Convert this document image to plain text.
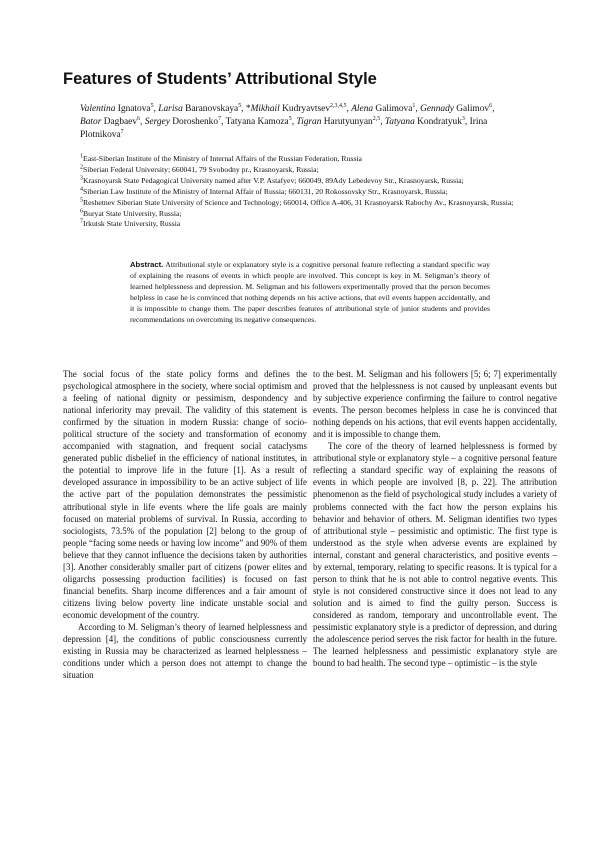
Features of Students’ Attributional Style
Valentina Ignatova$^5$, Larisa Baranovskaya$^5$, *Mikhail Kudryavtsev$^{2,3,4,5}$, Alena Galimova$^1$, Gennady Galimov$^6$,
Bator Dagbaev$^6$, Sergey Doroshenko$^7$, Tatyana Kamoza$^5$, Tigran Harutyunyan$^{2,5}$, Tatyana Kondratyuk$^3$, Irina
Plotnikova$^7$

$^1$East-Siberian Institute of the Ministry of Internal Affairs of the Russian Federation, Russia

$^2$Siberian Federal University; 660041, 79 Svobodny pr., Krasnoyarsk, Russia;

$^3$Krasnoyarsk State Pedagogical University named after V.P. Astafyev; 660049, 89Ady Lebedevoy Str., Krasnoyarsk, Russia;

$^4$Siberian Law Institute of the Ministry of Internal Affair of Russia; 660131, 20 Rokossovsky Str., Krasnoyarsk, Russia;

$^5$Reshetnev Siberian State University of Science and Technology; 660014, Office A-406, 31 Krasnoyarsk Rabochy Av., Krasnoyarsk, Russia;

$^6$Buryat State University, Russia;

$^7$Irkutsk State University, Russia

Abstract. Attributional style or explanatory style is a cognitive personal feature reflecting a standard specific way of explaining the reasons of events in which people are involved. This concept is key in M. Seligman’s theory of learned helplessness and depression. M. Seligman and his followers experimentally proved that the person becomes helpless in case he is convinced that nothing depends on his active actions, that evil events happen accidentally, and it is impossible to change them. The paper describes features of attributional style of junior students and provides recommendations on overcoming its negative consequences.

The social focus of the state policy forms and defines the psychological atmosphere in the society, where social optimism and a feeling of national dignity or pessimism, despondency and national inferiority may prevail. The validity of this statement is confirmed by the situation in modern Russia: change of socio-political structure of the society and transformation of economy accompanied with stagnation, and frequent social cataclysms generated public disbelief in the efficiency of national institutes, in the potential to improve life in the future [1]. As a result of developed assurance in impossibility to be an active subject of life the active part of the population demonstrates the pessimistic attributional style in life events where the life goals are mainly focused on material problems of survival. In Russia, according to sociologists, 73.5% of the population [2] belong to the group of people “facing some needs or having low income” and 90% of them believe that they cannot influence the decisions taken by authorities [3]. Another considerably smaller part of citizens (power elites and oligarchs possessing production facilities) is focused on fast financial benefits. Sharp income differences and a fair amount of citizens living below poverty line indicate unstable social and economic development of the country.

According to M. Seligman’s theory of learned helplessness and depression [4], the conditions of public consciousness currently existing in Russia may be characterized as learned helplessness – conditions under which a person does not attempt to change the situation

to the best. M. Seligman and his followers [5; 6; 7] experimentally proved that the helplessness is not caused by unpleasant events but by subjective experience confirming the failure to control negative events. The person becomes helpless in case he is convinced that nothing depends on his actions, that evil events happen accidentally, and it is impossible to change them.

The core of the theory of learned helplessness is formed by attributional style or explanatory style – a cognitive personal feature reflecting a standard specific way of explaining the reasons of events in which people are involved [8, p. 22]. The attribution phenomenon as the field of psychological study includes a variety of problems connected with the fact how the person explains his behavior and behavior of others. M. Seligman identifies two types of attributional style – pessimistic and optimistic. The first type is understood as the style when adverse events are explained by internal, constant and general characteristics, and positive events – by external, temporary, relating to specific reasons. It is typical for a person to think that he is not able to control negative events. This style is not considered constructive since it does not lead to any solution and is aimed to find the guilty person. Success is considered as random, temporary and uncontrollable event. The pessimistic explanatory style is a predictor of depression, and during the adolescence period serves the risk factor for health in the future. The learned helplessness and pessimistic explanatory style are bound to bad health. The second type – optimistic – is the style
